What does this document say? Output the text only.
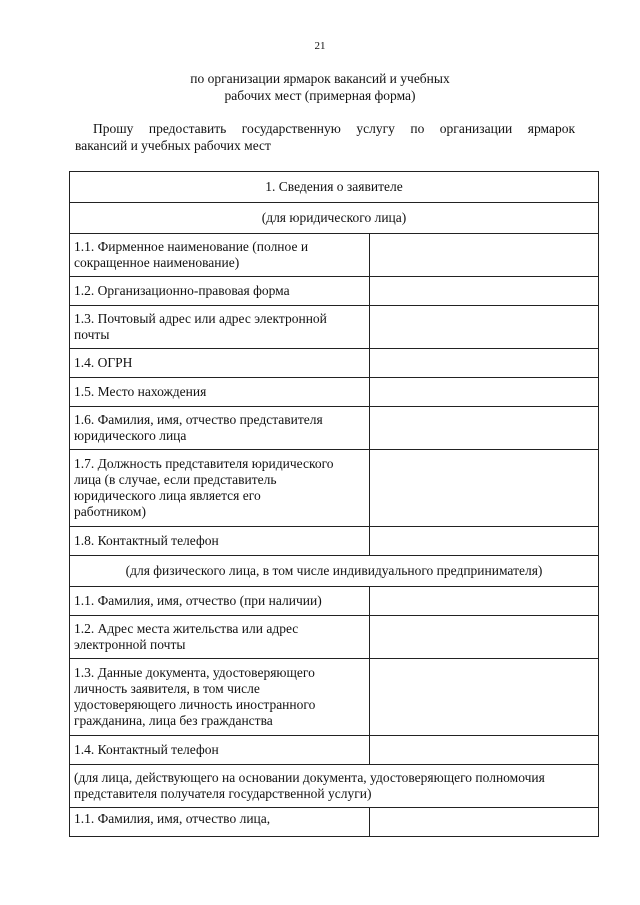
21
по организации ярмарок вакансий и учебных
рабочих мест (примерная форма)
Прошу предоставить государственную услугу по организации ярмарок
вакансий и учебных рабочих мест
1. Сведения о заявителе	
(для юридического лица)	

1.1. Фирменное наименование (полное и
сокращенное наименование)	

1.2. Организационно-правовая форма	

1.3. Почтовый адрес или адрес электронной
почты	

1.4. ОГРН	

1.5. Место нахождения	

1.6. Фамилия, имя, отчество представителя
юридического лица	

1.7. Должность представителя юридического
лица (в случае, если представитель
юридического лица является его
работником)	

1.8. Контактный телефон	

(для физического лица, в том числе индивидуального предпринимателя)	

1.1. Фамилия, имя, отчество (при наличии)	

1.2. Адрес места жительства или адрес
электронной почты	

1.3. Данные документа, удостоверяющего
личность заявителя, в том числе
удостоверяющего личность иностранного
гражданина, лица без гражданства	

1.4. Контактный телефон	

(для лица, действующего на основании документа, удостоверяющего полномочия
представителя получателя государственной услуги)	

1.1. Фамилия, имя, отчество лица,	
